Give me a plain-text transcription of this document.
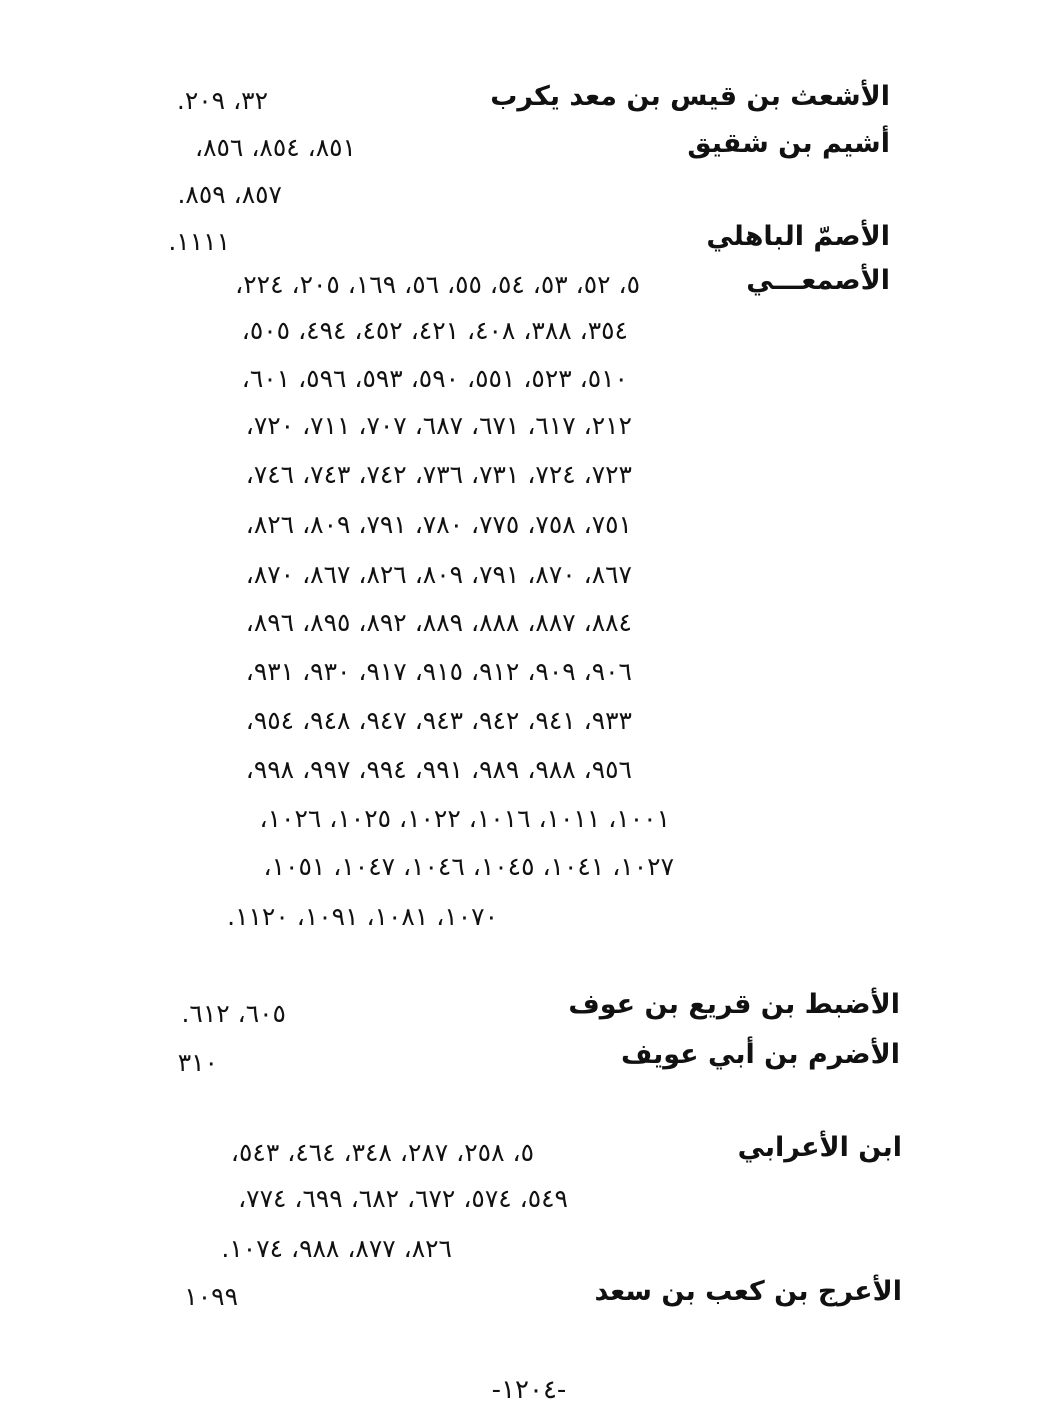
الأشعث بن قيس بن معد يكرب
٣٢، ٢٠٩.
أشيم بن شقيق
٨٥١، ٨٥٤، ٨٥٦،
٨٥٧، ٨٥٩.
الأصمّ الباهلي
١١١١.
الأصمعـــي
٥، ٥٢، ٥٣، ٥٤، ٥٥، ٥٦، ١٦٩، ٢٠٥، ٢٢٤،
٣٥٤، ٣٨٨، ٤٠٨، ٤٢١، ٤٥٢، ٤٩٤، ٥٠٥،
٥١٠، ٥٢٣، ٥٥١، ٥٩٠، ٥٩٣، ٥٩٦، ٦٠١،
٢١٢، ٦١٧، ٦٧١، ٦٨٧، ٧٠٧، ٧١١، ٧٢٠،
٧٢٣، ٧٢٤، ٧٣١، ٧٣٦، ٧٤٢، ٧٤٣، ٧٤٦،
٧٥١، ٧٥٨، ٧٧٥، ٧٨٠، ٧٩١، ٨٠٩، ٨٢٦،
٨٦٧، ٨٧٠، ٧٩١، ٨٠٩، ٨٢٦، ٨٦٧، ٨٧٠،
٨٨٤، ٨٨٧، ٨٨٨، ٨٨٩، ٨٩٢، ٨٩٥، ٨٩٦،
٩٠٦، ٩٠٩، ٩١٢، ٩١٥، ٩١٧، ٩٣٠، ٩٣١،
٩٣٣، ٩٤١، ٩٤٢، ٩٤٣، ٩٤٧، ٩٤٨، ٩٥٤،
٩٥٦، ٩٨٨، ٩٨٩، ٩٩١، ٩٩٤، ٩٩٧، ٩٩٨،
١٠٠١، ١٠١١، ١٠١٦، ١٠٢٢، ١٠٢٥، ١٠٢٦،
١٠٢٧، ١٠٤١، ١٠٤٥، ١٠٤٦، ١٠٤٧، ١٠٥١،
١٠٧٠، ١٠٨١، ١٠٩١، ١١٢٠.
الأضبط بن قريع بن عوف
٦٠٥، ٦١٢.
الأضرم بن أبي عويف
٣١٠
ابن الأعرابي
٥، ٢٥٨، ٢٨٧، ٣٤٨، ٤٦٤، ٥٤٣،
٥٤٩، ٥٧٤، ٦٧٢، ٦٨٢، ٦٩٩، ٧٧٤،
٨٢٦، ٨٧٧، ٩٨٨، ١٠٧٤.
الأعرج بن كعب بن سعد
١٠٩٩
-١٢٠٤-
